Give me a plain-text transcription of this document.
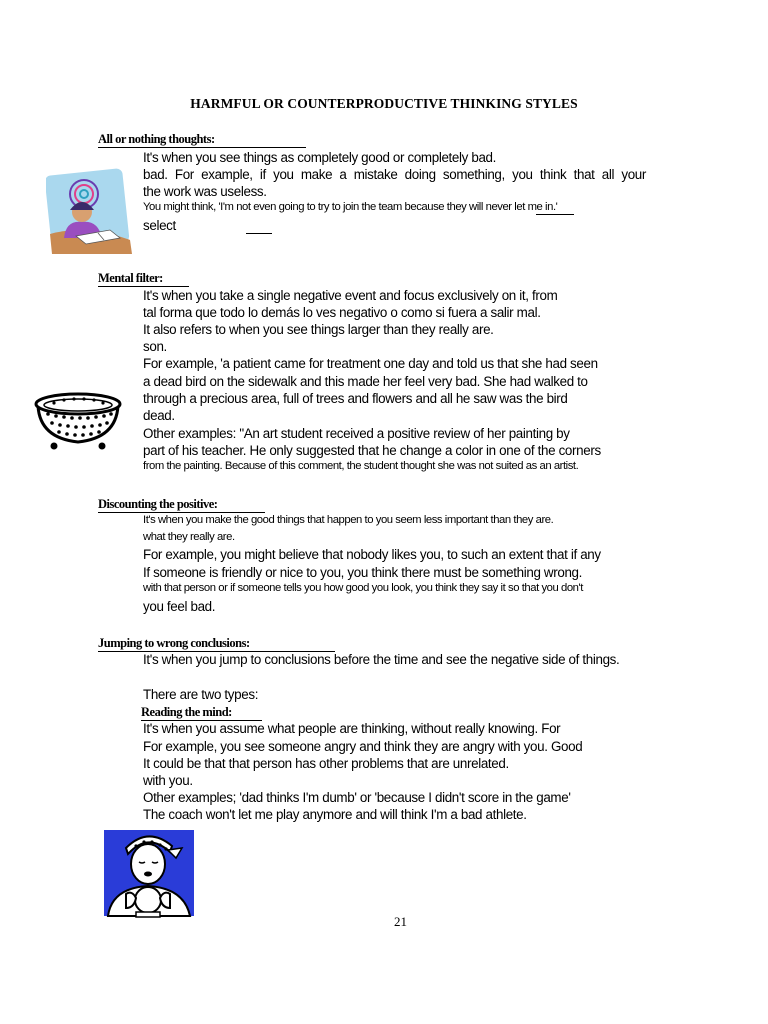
HARMFUL OR COUNTERPRODUCTIVE THINKING STYLES
All or nothing thoughts:
It's when you see things as completely good or completely bad.
bad. For example, if you make a mistake doing something, you think that all your
the work was useless.
You might think, 'I'm not even going to try to join the team because they will never let me in.'
select
Mental filter:
It's when you take a single negative event and focus exclusively on it, from
tal forma que todo lo demás lo ves negativo o como si fuera a salir mal.
It also refers to when you see things larger than they really are.
son.
For example, 'a patient came for treatment one day and told us that she had seen
a dead bird on the sidewalk and this made her feel very bad. She had walked to
through a precious area, full of trees and flowers and all he saw was the bird
dead.
Other examples: "An art student received a positive review of her painting by
part of his teacher. He only suggested that he change a color in one of the corners
from the painting. Because of this comment, the student thought she was not suited as an artist.
Discounting the positive:
It's when you make the good things that happen to you seem less important than they are.
what they really are.
For example, you might believe that nobody likes you, to such an extent that if any
If someone is friendly or nice to you, you think there must be something wrong.
with that person or if someone tells you how good you look, you think they say it so that you don't
you feel bad.
Jumping to wrong conclusions:
It's when you jump to conclusions before the time and see the negative side of things.
There are two types:
Reading the mind:
It's when you assume what people are thinking, without really knowing. For
For example, you see someone angry and think they are angry with you. Good
It could be that that person has other problems that are unrelated.
with you.
Other examples; 'dad thinks I'm dumb' or 'because I didn't score in the game'
The coach won't let me play anymore and will think I'm a bad athlete.
21
